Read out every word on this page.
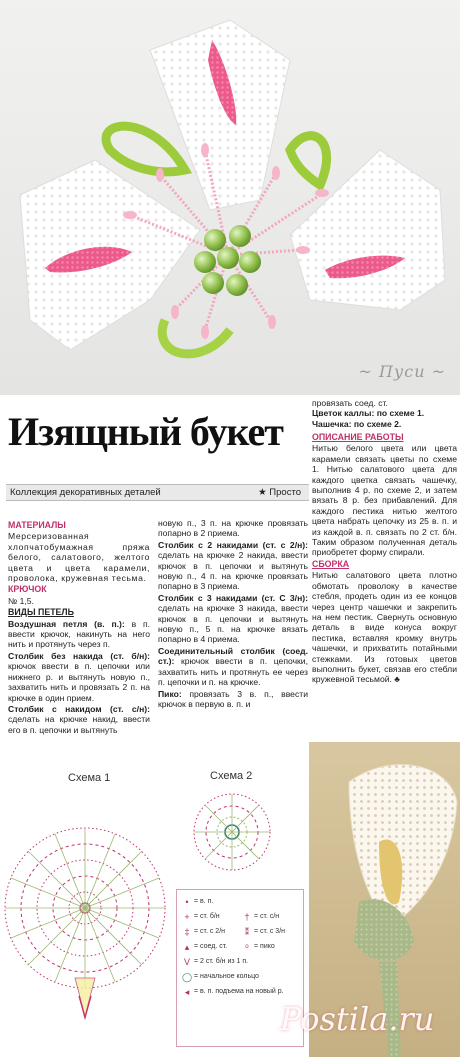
~ Пуси ~
Изящный букет
провязать соед. ст.
Цветок каллы: по схеме 1.
Чашечка: по схеме 2.
Коллекция декоративных деталей	★ Просто

МАТЕРИАЛЫ

Мерсеризованная хлопчатобумажная пряжа белого, салатового, желтого цвета и цвета карамели, проволока, кружевная тесьма.

КРЮЧОК

№ 1,5.

ВИДЫ ПЕТЕЛЬ

Воздушная петля (в. п.): в п. ввести крючок, накинуть на него нить и протянуть через п.

Столбик без накида (ст. б/н): крючок ввести в п. цепочки или нижнего р. и вытянуть новую п., захватить нить и провязать 2 п. на крючке в один прием.

Столбик с накидом (ст. с/н): сделать на крючке накид, ввести его в п. цепочки и вытянуть

новую п., 3 п. на крючке провязать попарно в 2 приема.

Столбик с 2 накидами (ст. с 2/н): сделать на крючке 2 накида, ввести крючок в п. цепочки и вытянуть новую п., 4 п. на крючке провязать попарно в 3 приема.

Столбик с 3 накидами (ст. С 3/н): сделать на крючке 3 накида, ввести крючок в п. цепочки и вытянуть новую п., 5 п. на крючке вязать попарно в 4 приема.

Соединительный столбик (соед. ст.): крючок ввести в п. цепочки, захватить нить и протянуть ее через п. цепочки и п. на крючке.

Пико: провязать 3 в. п., ввести крючок в первую в. п. и

ОПИСАНИЕ РАБОТЫ

Нитью белого цвета или цвета карамели связать цветы по схеме 1. Нитью салатового цвета для каждого цветка связать чашечку, выполнив 4 р. по схеме 2, и затем вязать 8 р. без прибавлений. Для каждого пестика нитью желтого цвета набрать цепочку из 25 в. п. и из каждой в. п. связать по 2 ст. б/н. Таким образом полученная деталь приобретет форму спирали.

СБОРКА

Нитью салатового цвета плотно обмотать проволоку в качестве стебля, продеть один из ее концов через центр чашечки и закрепить на нем пестик. Свернуть основную деталь в виде конуса вокруг пестика, вставляя кромку внутрь чашечки, и прихватить потайными стежками. Из готовых цветов выполнить букет, связав его стебли кружевной тесьмой. ♣

Схема 1	Схема 2
• = в. п.
+ = ст. б/н	† = ст. с/н
‡ = ст. с 2/н	⁑ = ст. с 3/н
▴ = соед. ст.	ᵒ = пико
V = 2 ст. б/н из 1 п.
◯ = начальное кольцо
◂ = в. п. подъема на новый р.
Postila.ru
